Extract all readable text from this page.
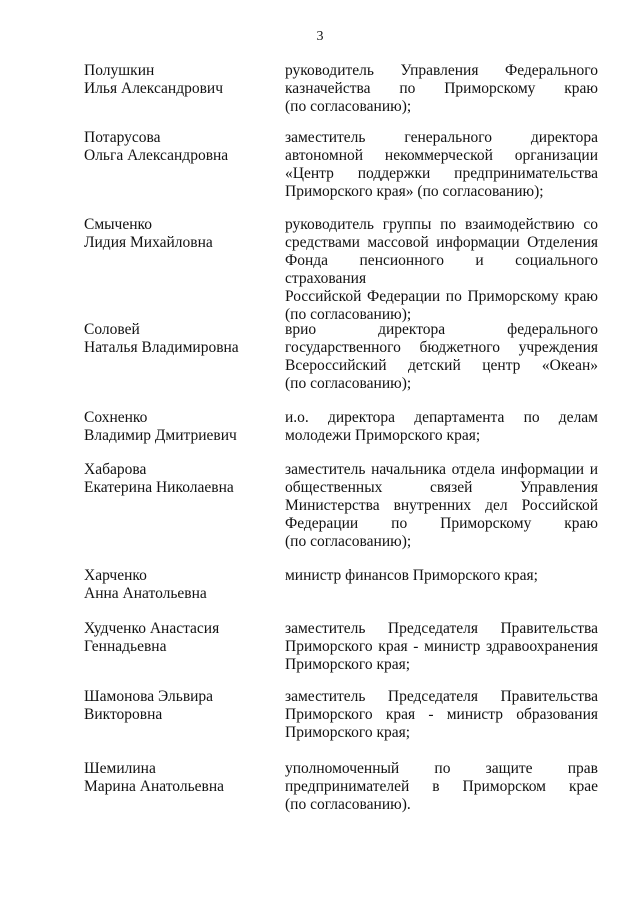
3
Полушкин
Илья Александрович
руководитель Управления Федерального
казначейства по Приморскому краю
(по согласованию);
Потарусова
Ольга Александровна
заместитель генерального директора
автономной некоммерческой организации
«Центр поддержки предпринимательства
Приморского края» (по согласованию);
Смыченко
Лидия Михайловна
руководитель группы по взаимодействию со
средствами массовой информации Отделения
Фонда пенсионного и социального страхования
Российской Федерации по Приморскому краю
(по согласованию);
Соловей
Наталья Владимировна
врио директора федерального
государственного бюджетного учреждения
Всероссийский детский центр «Океан»
(по согласованию);
Сохненко
Владимир Дмитриевич
и.о. директора департамента по делам
молодежи Приморского края;
Хабарова
Екатерина Николаевна
заместитель начальника отдела информации и
общественных связей Управления
Министерства внутренних дел Российской
Федерации по Приморскому краю
(по согласованию);
Харченко
Анна Анатольевна
министр финансов Приморского края;
Худченко Анастасия
Геннадьевна
заместитель Председателя Правительства
Приморского края - министр здравоохранения
Приморского края;
Шамонова Эльвира
Викторовна
заместитель Председателя Правительства
Приморского края - министр образования
Приморского края;
Шемилина
Марина Анатольевна
уполномоченный по защите прав
предпринимателей в Приморском крае
(по согласованию).
